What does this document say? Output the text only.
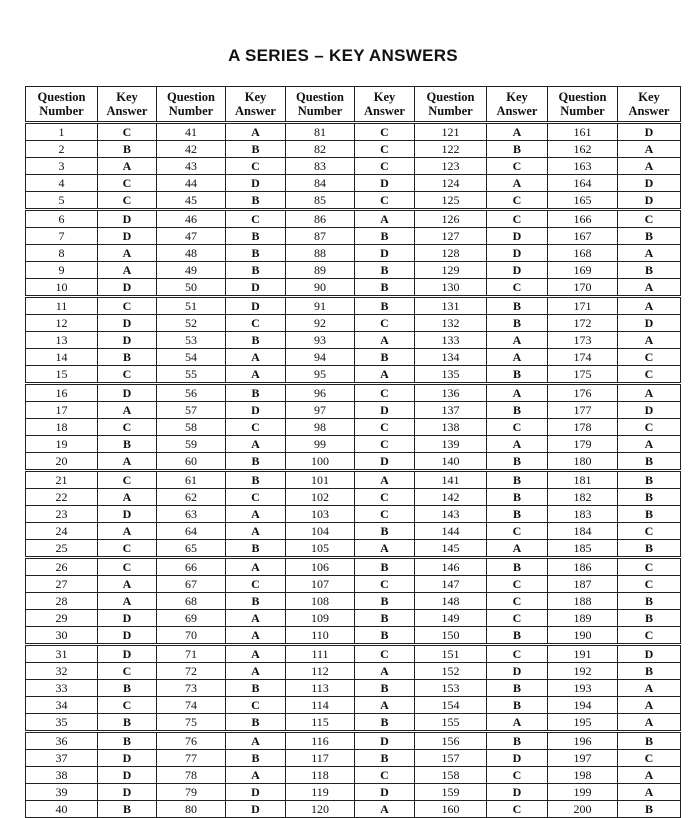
A SERIES – KEY ANSWERS
Question Number	Key Answer	Question Number	Key Answer	Question Number	Key Answer	Question Number	Key Answer	Question Number	Key Answer
1	C	41	A	81	C	121	A	161	D
2	B	42	B	82	C	122	B	162	A
3	A	43	C	83	C	123	C	163	A
4	C	44	D	84	D	124	A	164	D
5	C	45	B	85	C	125	C	165	D
6	D	46	C	86	A	126	C	166	C
7	D	47	B	87	B	127	D	167	B
8	A	48	B	88	D	128	D	168	A
9	A	49	B	89	B	129	D	169	B
10	D	50	D	90	B	130	C	170	A
11	C	51	D	91	B	131	B	171	A
12	D	52	C	92	C	132	B	172	D
13	D	53	B	93	A	133	A	173	A
14	B	54	A	94	B	134	A	174	C
15	C	55	A	95	A	135	B	175	C
16	D	56	B	96	C	136	A	176	A
17	A	57	D	97	D	137	B	177	D
18	C	58	C	98	C	138	C	178	C
19	B	59	A	99	C	139	A	179	A
20	A	60	B	100	D	140	B	180	B
21	C	61	B	101	A	141	B	181	B
22	A	62	C	102	C	142	B	182	B
23	D	63	A	103	C	143	B	183	B
24	A	64	A	104	B	144	C	184	C
25	C	65	B	105	A	145	A	185	B
26	C	66	A	106	B	146	B	186	C
27	A	67	C	107	C	147	C	187	C
28	A	68	B	108	B	148	C	188	B
29	D	69	A	109	B	149	C	189	B
30	D	70	A	110	B	150	B	190	C
31	D	71	A	111	C	151	C	191	D
32	C	72	A	112	A	152	D	192	B
33	B	73	B	113	B	153	B	193	A
34	C	74	C	114	A	154	B	194	A
35	B	75	B	115	B	155	A	195	A
36	B	76	A	116	D	156	B	196	B
37	D	77	B	117	B	157	D	197	C
38	D	78	A	118	C	158	C	198	A
39	D	79	D	119	D	159	D	199	A
40	B	80	D	120	A	160	C	200	B
